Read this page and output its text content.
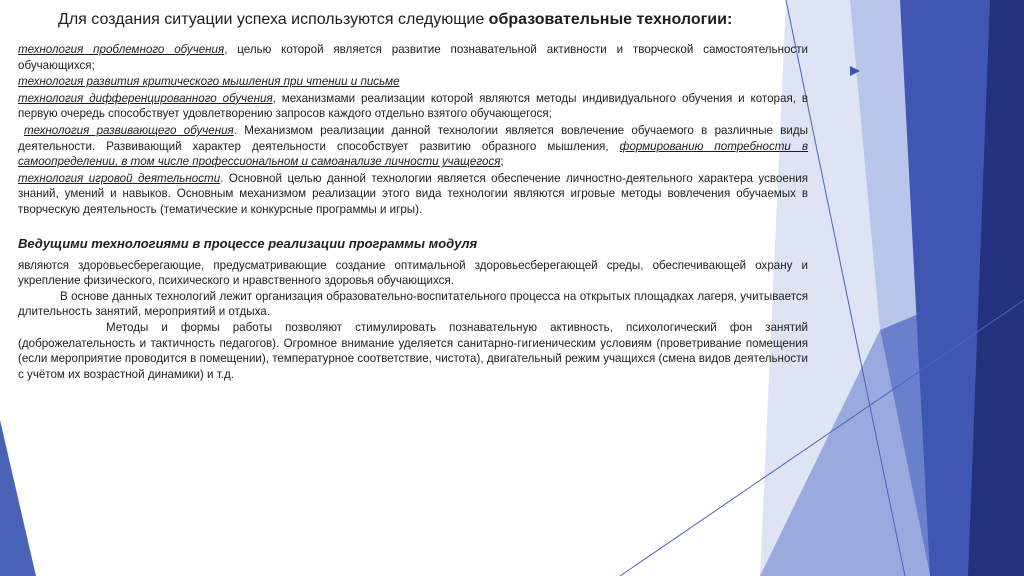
Для создания ситуации успеха используются следующие образовательные технологии:

технология проблемного обучения, целью которой является развитие познавательной активности и творческой самостоятельности обучающихся;

технология развития критического мышления при чтении и письме

технология дифференцированного обучения, механизмами реализации которой являются методы индивидуального обучения и которая, в первую очередь способствует удовлетворению запросов каждого отдельно взятого обучающегося;

технология развивающего обучения. Механизмом реализации данной технологии является вовлечение обучаемого в различные виды деятельности. Развивающий характер деятельности способствует развитию образного мышления, формированию потребности в самоопределении, в том числе профессиональном и самоанализе личности учащегося;

технология игровой деятельности. Основной целью данной технологии является обеспечение личностно-деятельного характера усвоения знаний, умений и навыков. Основным механизмом реализации этого вида технологии являются игровые методы вовлечения обучаемых в творческую деятельность (тематические и конкурсные программы и игры).

Ведущими технологиями в процессе реализации программы модуля

являются здоровьесберегающие, предусматривающие создание оптимальной здоровьесберегающей среды, обеспечивающей охрану и укрепление физического, психического и нравственного здоровья обучающихся.

В основе данных технологий лежит организация образовательно-воспитательного процесса на открытых площадках лагеря, учитывается длительность занятий, мероприятий и отдыха.

Методы и формы работы позволяют стимулировать познавательную активность, психологический фон занятий (доброжелательность и тактичность педагогов). Огромное внимание уделяется санитарно-гигиеническим условиям (проветривание помещения (если мероприятие проводится в помещении), температурное соответствие, чистота), двигательный режим учащихся (смена видов деятельности с учётом их возрастной динамики) и т.д.
